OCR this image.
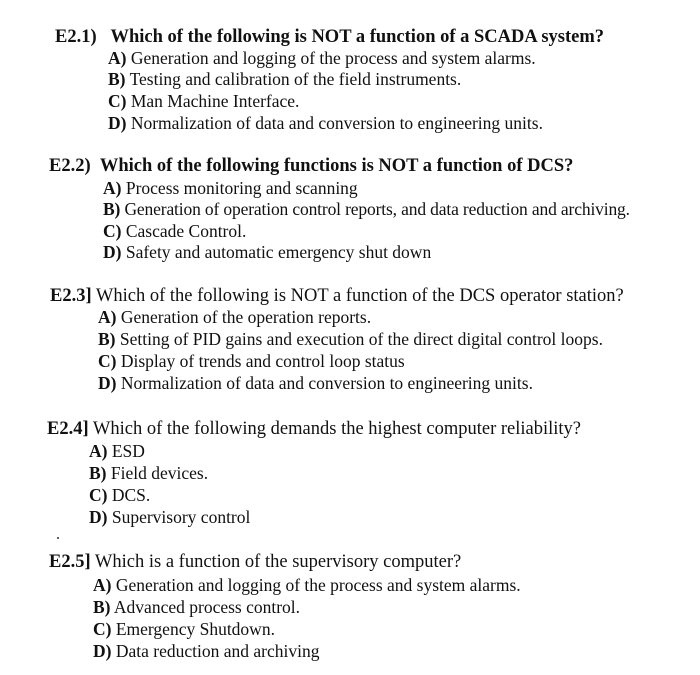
E2.1) Which of the following is NOT a function of a SCADA system?
A) Generation and logging of the process and system alarms.
B) Testing and calibration of the field instruments.
C) Man Machine Interface.
D) Normalization of data and conversion to engineering units.
E2.2) Which of the following functions is NOT a function of DCS?
A) Process monitoring and scanning
B) Generation of operation control reports, and data reduction and archiving.
C) Cascade Control.
D) Safety and automatic emergency shut down
E2.3] Which of the following is NOT a function of the DCS operator station?
A) Generation of the operation reports.
B) Setting of PID gains and execution of the direct digital control loops.
C) Display of trends and control loop status
D) Normalization of data and conversion to engineering units.
E2.4] Which of the following demands the highest computer reliability?
A) ESD
B) Field devices.
C) DCS.
D) Supervisory control
E2.5] Which is a function of the supervisory computer?
A) Generation and logging of the process and system alarms.
B) Advanced process control.
C) Emergency Shutdown.
D) Data reduction and archiving
